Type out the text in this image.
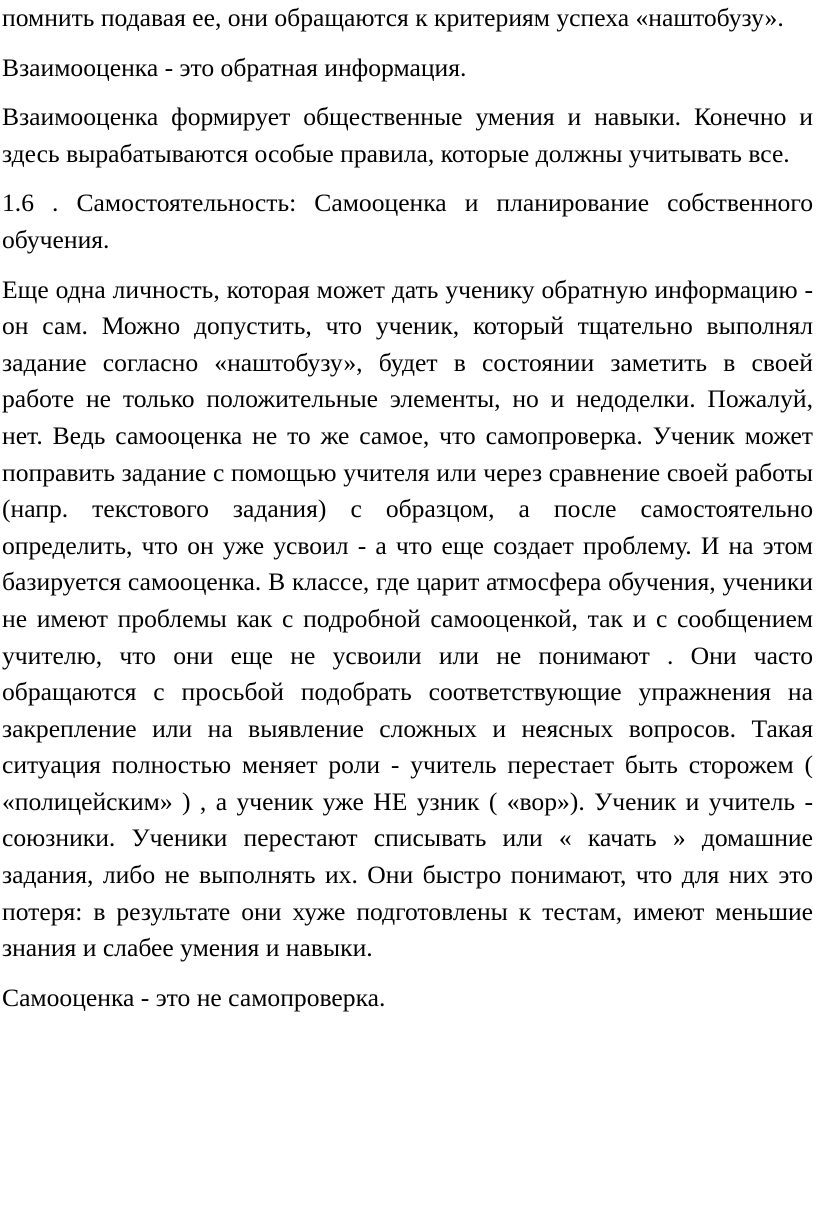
помнить подавая ее, они обращаются к критериям успеха «наштобузу».

Взаимооценка - это обратная информация.

Взаимооценка формирует общественные умения и навыки. Конечно и здесь вырабатываются особые правила, которые должны учитывать все.

1.6 . Самостоятельность: Самооценка и планирование собственного обучения.

Еще одна личность, которая может дать ученику обратную информацию - он сам. Можно допустить, что ученик, который тщательно выполнял задание согласно «наштобузу», будет в состоянии заметить в своей работе не только положительные элементы, но и недоделки. Пожалуй, нет. Ведь самооценка не то же самое, что самопроверка. Ученик может поправить задание с помощью учителя или через сравнение своей работы (напр. текстового задания) с образцом, а после самостоятельно определить, что он уже усвоил - а что еще создает проблему. И на этом базируется самооценка. В классе, где царит атмосфера обучения, ученики не имеют проблемы как с подробной самооценкой, так и с сообщением учителю, что они еще не усвоили или не понимают . Они часто обращаются с просьбой подобрать соответствующие упражнения на закрепление или на выявление сложных и неясных вопросов. Такая ситуация полностью меняет роли - учитель перестает быть сторожем ( «полицейским» ) , а ученик уже НЕ узник ( «вор»). Ученик и учитель - союзники. Ученики перестают списывать или « качать » домашние задания, либо не выполнять их. Они быстро понимают, что для них это потеря: в результате они хуже подготовлены к тестам, имеют меньшие знания и слабее умения и навыки.

Самооценка - это не самопроверка.
